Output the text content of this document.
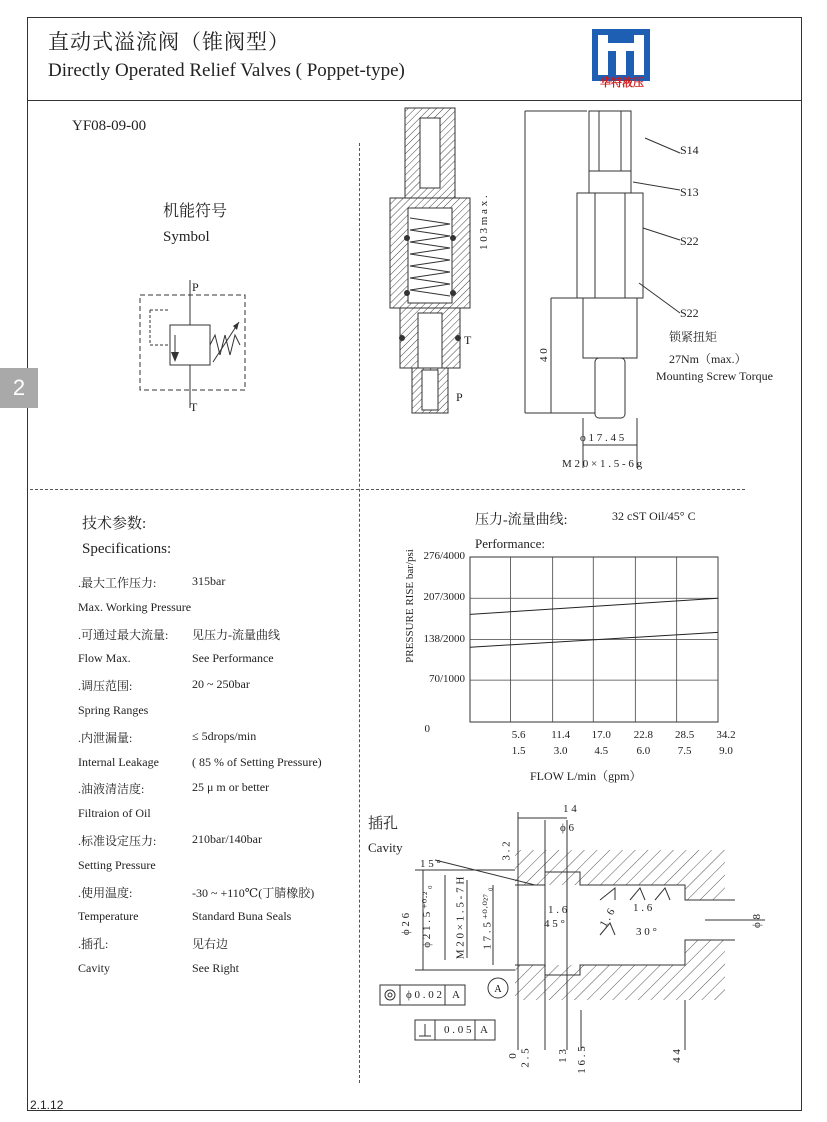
直动式溢流阀（锥阀型）
Directly Operated Relief Valves ( Poppet-type)
华特液压
YF08-09-00
2
机能符号
Symbol
P
T
T
P
S14
S13
S22
S22
锁紧扭矩
27Nm（max.）
Mounting Screw Torque
1 0 3 m a x .
4 0
ϕ 1 7 . 4 5
M 2 0 × 1 . 5 - 6 g
技术参数:
Specifications:
.最大工作压力:	315bar
Max. Working Pressure
.可通过最大流量: 见压力-流量曲线
Flow Max.	See Performance
.调压范围:	20 ~ 250bar
Spring Ranges
.内泄漏量:	≤ 5drops/min
Internal Leakage	( 85 % of Setting Pressure)
.油液清洁度:	25 μ m or better
Filtraion of Oil
.标准设定压力:	210bar/140bar
Setting Pressure
.使用温度:	-30 ~ +110℃(丁腈橡胶)
Temperature	Standard Buna Seals
.插孔:	见右边
Cavity	See Right
压力-流量曲线:	32 cST Oil/45° C
Performance:
276/4000
207/3000
138/2000
70/1000
0	5.6
1.5
11.4
3.0
17.0
4.5
22.8
6.0
28.5
7.5
34.2
9.0
PRESSURE RISE bar/psi
FLOW L/min（gpm）
插孔
Cavity
A
1 4
ϕ 6
3 . 2
1 5 °
4 5 °
3 0 °
1 . 6	1 . 6 1 . 6
ϕ 2 6 ϕ 2 1 . 5 ⁺⁰·² ₀ M 2 0 × 1 . 5 - 7 H 1 7 . 5 ⁺⁰·⁰²⁷ ₀	ϕ 8
ϕ 0 . 0 2 A
0 . 0 5 A
0 2 . 5 1 3 1 6 . 5	4 4
2.1.12
